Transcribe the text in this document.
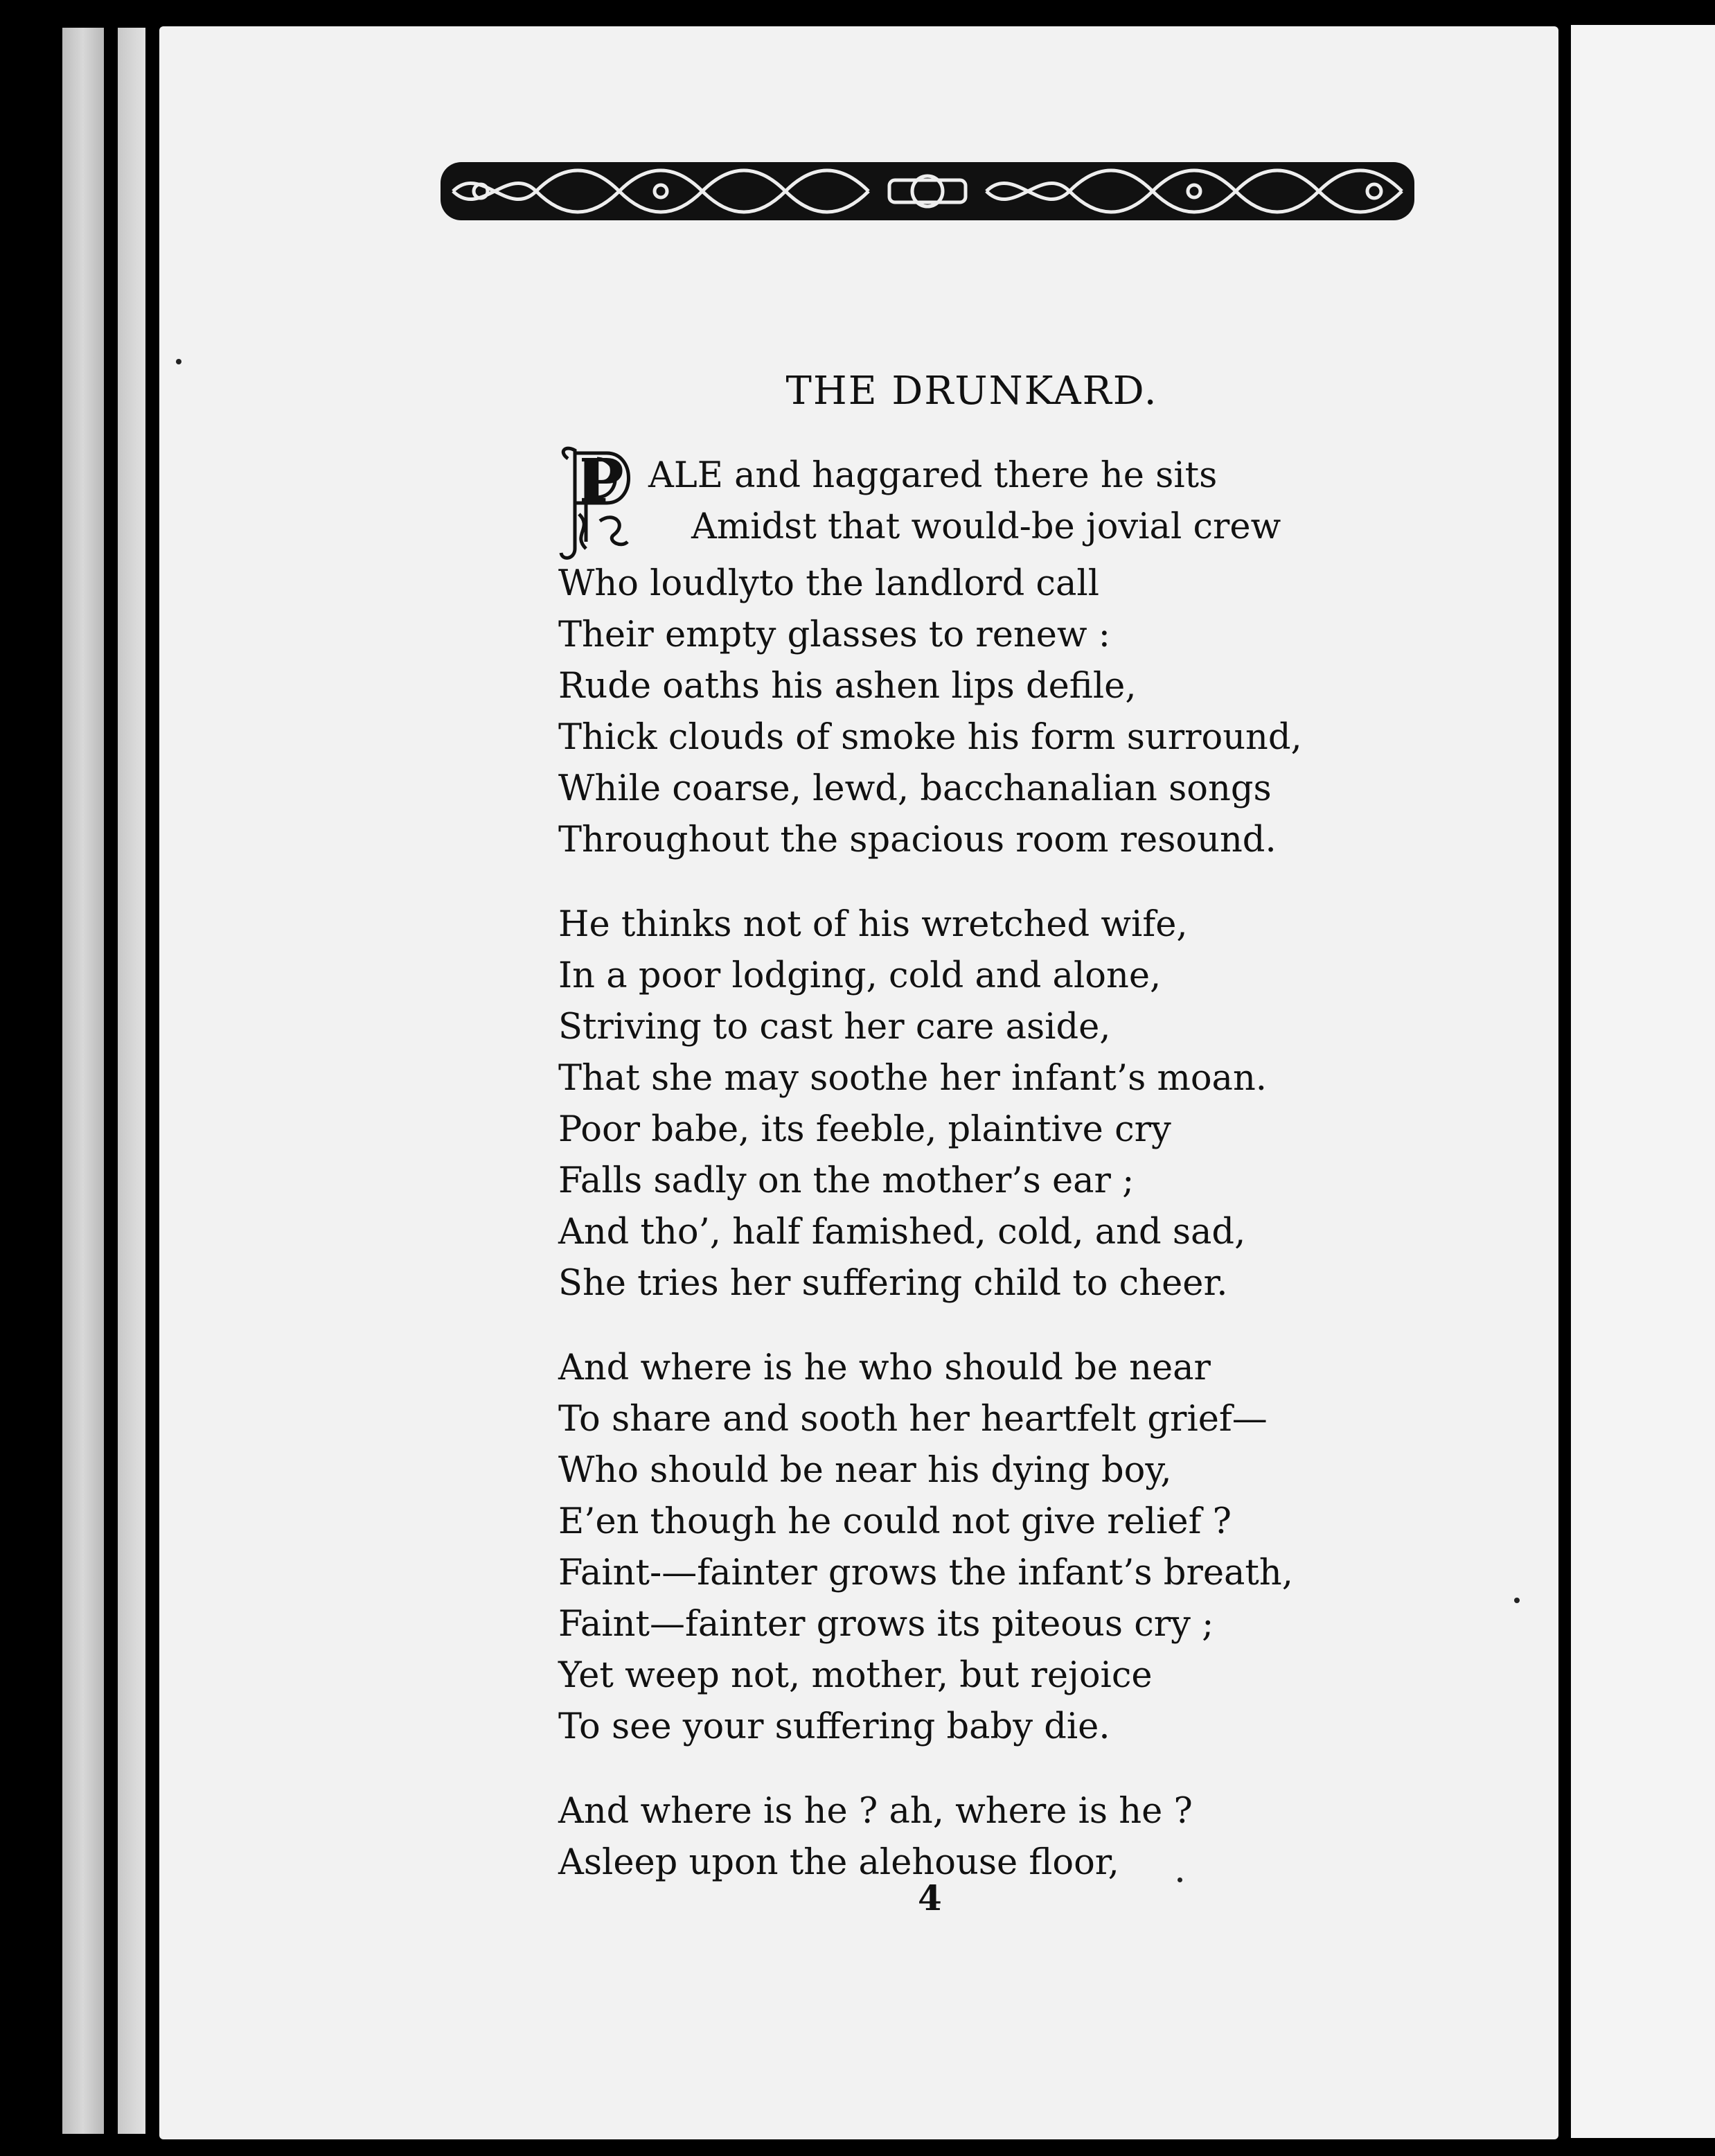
THE DRUNKARD.
P ALE and haggared there he sits
Amidst that would-be jovial crew
Who loudlyto the landlord call
Their empty glasses to renew :
Rude oaths his ashen lips defile,
Thick clouds of smoke his form surround,
While coarse, lewd, bacchanalian songs
Throughout the spacious room resound.
He thinks not of his wretched wife,
In a poor lodging, cold and alone,
Striving to cast her care aside,
That she may soothe her infant’s moan.
Poor babe, its feeble, plaintive cry
Falls sadly on the mother’s ear ;
And tho’, half famished, cold, and sad,
She tries her suffering child to cheer.
And where is he who should be near
To share and sooth her heartfelt grief—
Who should be near his dying boy,
E’en though he could not give relief ?
Faint-—fainter grows the infant’s breath,
Faint—fainter grows its piteous cry ;
Yet weep not, mother, but rejoice
To see your suffering baby die.
And where is he ? ah, where is he ?
Asleep upon the alehouse floor,
4
